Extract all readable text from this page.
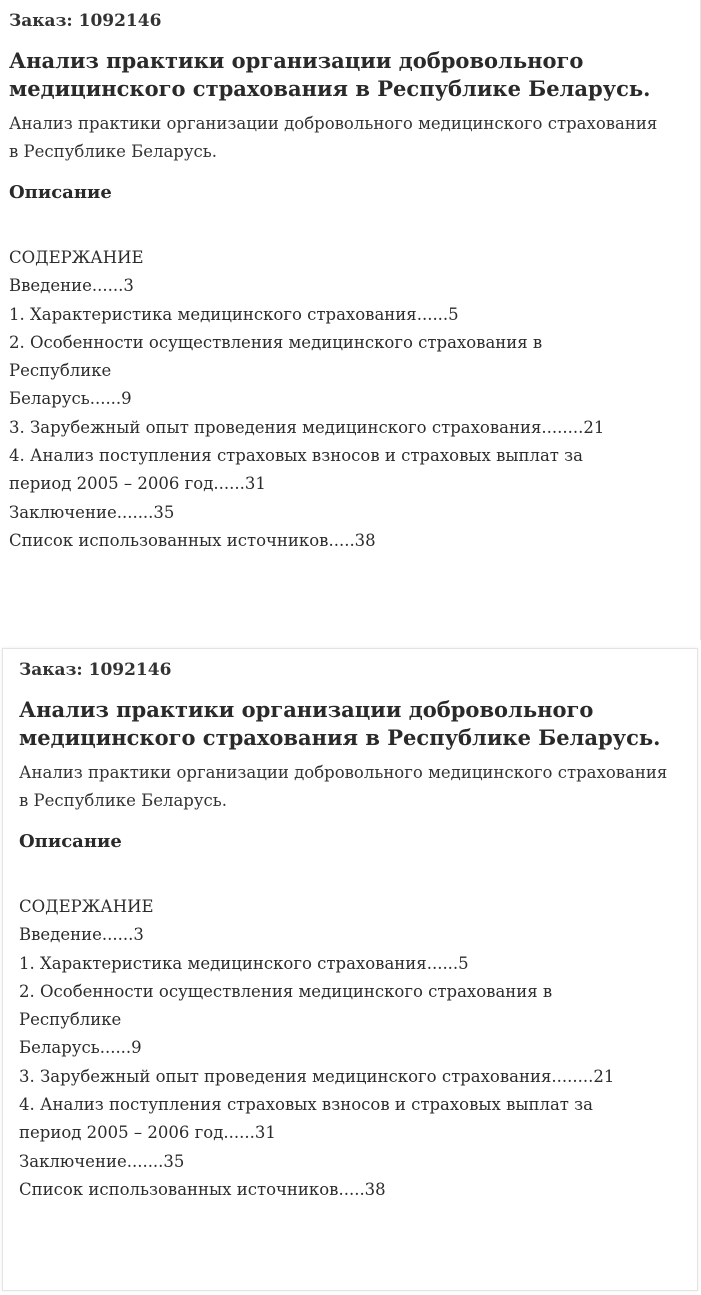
Заказ: 1092146

Анализ практики организации добровольного медицинского страхования в Республике Беларусь.

Анализ практики организации добровольного медицинского страхования в Республике Беларусь.

Описание
СОДЕРЖАНИЕ
Введение......3
1. Характеристика медицинского страхования......5
2. Особенности осуществления медицинского страхования в
Республике
Беларусь......9
3. Зарубежный опыт проведения медицинского страхования........21
4. Анализ поступления страховых взносов и страховых выплат за
период 2005 – 2006 год......31
Заключение.......35
Список использованных источников.....38

Заказ: 1092146

Анализ практики организации добровольного медицинского страхования в Республике Беларусь.

Анализ практики организации добровольного медицинского страхования в Республике Беларусь.

Описание
СОДЕРЖАНИЕ
Введение......3
1. Характеристика медицинского страхования......5
2. Особенности осуществления медицинского страхования в
Республике
Беларусь......9
3. Зарубежный опыт проведения медицинского страхования........21
4. Анализ поступления страховых взносов и страховых выплат за
период 2005 – 2006 год......31
Заключение.......35
Список использованных источников.....38
